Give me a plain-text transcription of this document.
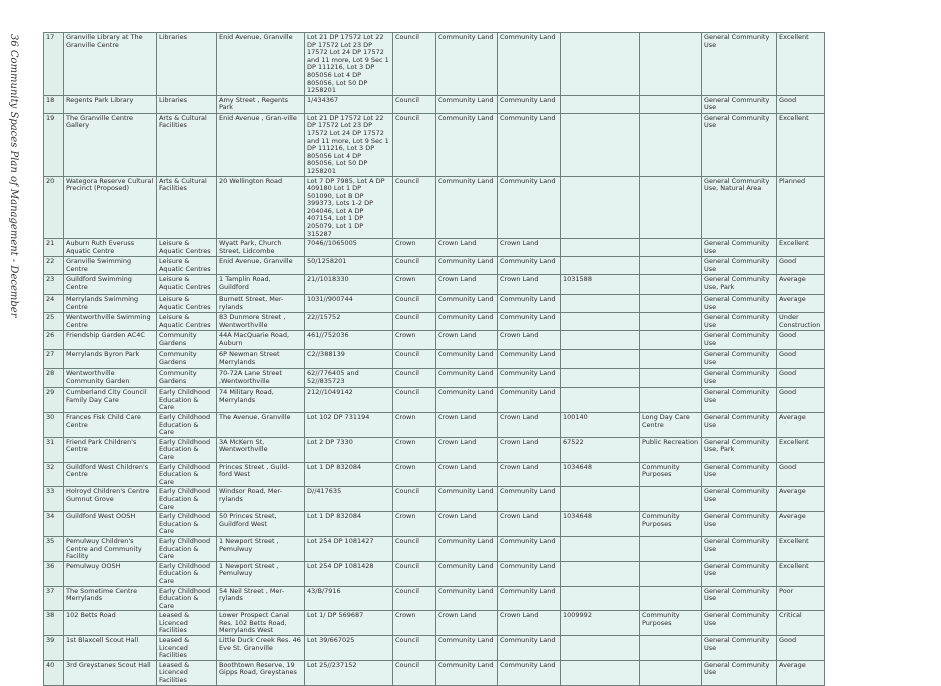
36 Community Spaces Plan of Management - December	17	Granville Library at The Granville Centre	Libraries	Enid Avenue, Granville	Lot 21 DP 17572 Lot 22 DP 17572 Lot 23 DP 17572 Lot 24 DP 17572 and 11 more, Lot 9 Sec 1 DP 111216, Lot 3 DP 805056 Lot 4 DP 805056, Lot 50 DP 1258201	Council	Community Land	Community Land			General Community Use	Excellent
18	Regents Park Library	Libraries	Amy Street , Regents Park	1/434367	Council	Community Land	Community Land			General Community Use	Good
19	The Granville Centre Gallery	Arts & Cultural Facilities	Enid Avenue , Gran-ville	Lot 21 DP 17572 Lot 22 DP 17572 Lot 23 DP 17572 Lot 24 DP 17572 and 11 more, Lot 9 Sec 1 DP 111216, Lot 3 DP 805056 Lot 4 DP 805056, Lot 50 DP 1258201	Council	Community Land	Community Land			General Community Use	Excellent
20	Wategora Reserve Cultural Precinct (Proposed)	Arts & Cultural Facilities	20 Wellington Road	Lot 7 DP 7985, Lot A DP 409180 Lot 1 DP 501090, Lot B DP 399373, Lots 1-2 DP 204046, Lot A DP 407154, Lot 1 DP 205079, Lot 1 DP 315287	Council	Community Land	Community Land			General Community Use, Natural Area	Planned
21	Auburn Ruth Everuss Aquatic Centre	Leisure & Aquatic Centres	Wyatt Park, Church Street, Lidcombe	7046//1065005	Crown	Crown Land	Crown Land			General Community Use	Excellent
22	Granville Swimming Centre	Leisure & Aquatic Centres	Enid Avenue, Granville	50/1258201	Council	Community Land	Community Land			General Community Use	Good
23	Guildford Swimming Centre	Leisure & Aquatic Centres	1 Tamplin Road, Guildford	21//1018330	Crown	Crown Land	Crown Land	1031588		General Community Use, Park	Average
24	Merrylands Swimming Centre	Leisure & Aquatic Centres	Burnett Street, Mer-rylands	1031//900744	Council	Community Land	Community Land			General Community Use	Average
25	Wentworthville Swimming Centre	Leisure & Aquatic Centres	83 Dunmore Street , Wentworthville	22//15752	Council	Community Land	Community Land			General Community Use	Under Construction
26	Friendship Garden AC4C	Community Gardens	44A MacQuarie Road, Auburn	461//752036	Crown	Crown Land	Crown Land			General Community Use	Good
27	Merrylands Byron Park	Community Gardens	6P Newman Street Merrylands	C2//388139	Council	Community Land	Community Land			General Community Use	Good
28	Wentworthville Community Garden	Community Gardens	70-72A Lane Street ,Wentworthville	62//776405 and 52//835723	Council	Community Land	Community Land			General Community Use	Good
29	Cumberland City Council Family Day Care	Early Childhood Education & Care	74 Military Road, Merrylands	212//1049142	Council	Community Land	Community Land			General Community Use	Good
30	Frances Fisk Child Care Centre	Early Childhood Education & Care	The Avenue, Granville	Lot 102 DP 731194	Crown	Crown Land	Crown Land	100140	Long Day Care Centre	General Community Use	Average
31	Friend Park Children's Centre	Early Childhood Education & Care	3A McKern St, Wentworthville	Lot 2 DP 7330	Crown	Crown Land	Crown Land	67522	Public Recreation	General Community Use, Park	Excellent
32	Guildford West Children's Centre	Early Childhood Education & Care	Princes Street , Guild-ford West	Lot 1 DP 832084	Crown	Crown Land	Crown Land	1034648	Community Purposes	General Community Use	Good
33	Holroyd Children's Centre Gumnut Grove	Early Childhood Education & Care	Windsor Road, Mer-rylands	D//417635	Council	Community Land	Community Land			General Community Use	Average
34	Guildford West OOSH	Early Childhood Education & Care	50 Princes Street, Guildford West	Lot 1 DP 832084	Crown	Crown Land	Crown Land	1034648	Community Purposes	General Community Use	Average
35	Pemulwuy Children's Centre and Community Facility	Early Childhood Education & Care	1 Newport Street , Pemulwuy	Lot 254 DP 1081427	Council	Community Land	Community Land			General Community Use	Excellent
36	Pemulwuy OOSH	Early Childhood Education & Care	1 Newport Street , Pemulwuy	Lot 254 DP 1081428	Council	Community Land	Community Land			General Community Use	Excellent
37	The Sometime Centre Merrylands	Early Childhood Education & Care	54 Neil Street , Mer-rylands	43/B/7916	Council	Community Land	Community Land			General Community Use	Poor
38	102 Betts Road	Leased & Licenced Facilities	Lower Prospect Canal Res. 102 Betts Road, Merrylands West	Lot 1/ DP 569687	Crown	Crown Land	Crown Land	1009992	Community Purposes	General Community Use	Critical
39	1st Blaxcell Scout Hall	Leased & Licenced Facilities	Little Duck Creek Res. 46 Eve St. Granville	Lot 39/667025	Council	Community Land	Community Land			General Community Use	Good
40	3rd Greystanes Scout Hall	Leased & Licenced Facilities	Boothtown Reserve, 19 Gipps Road, Greystanes	Lot 25//237152	Council	Community Land	Community Land			General Community Use	Average
